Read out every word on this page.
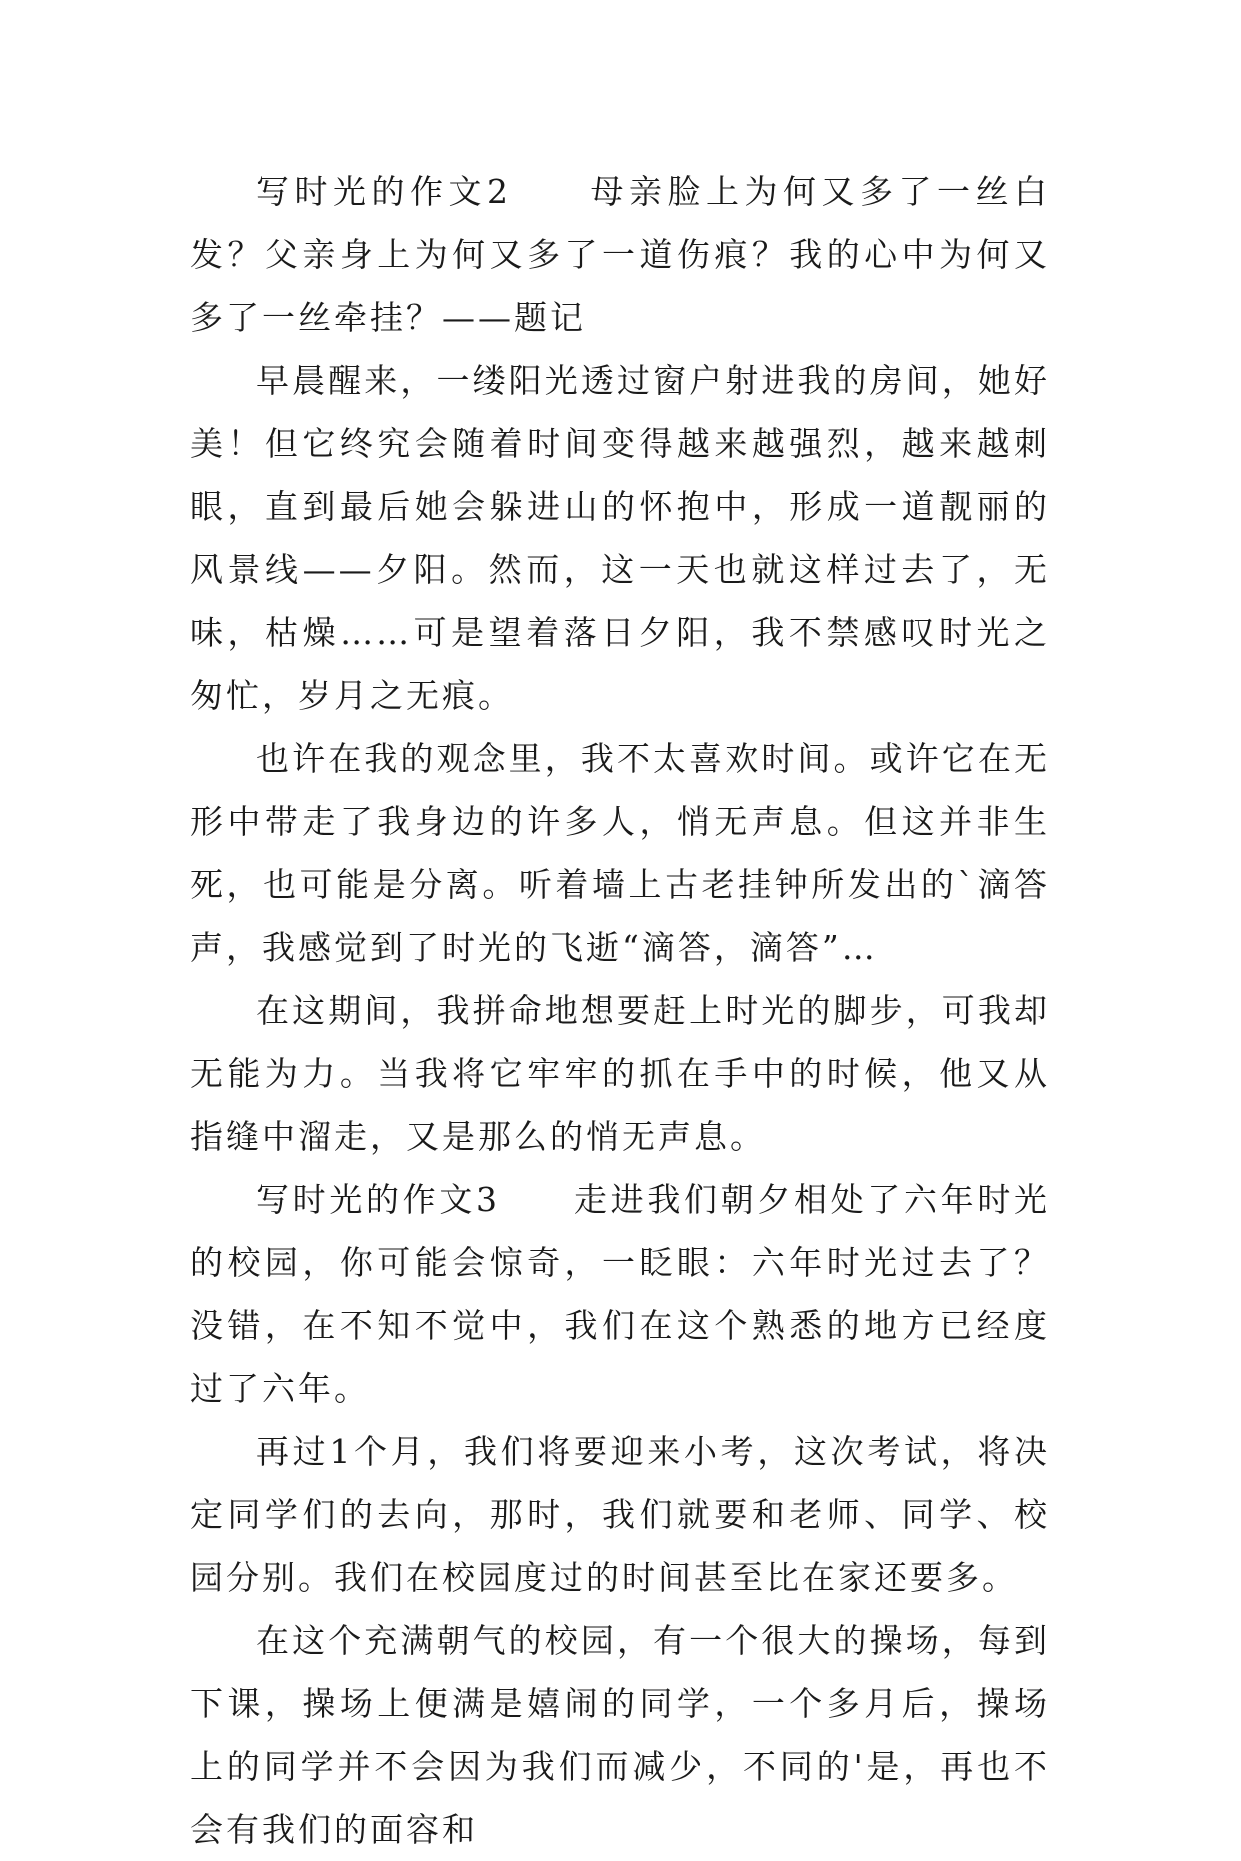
写时光的作文2　　母亲脸上为何又多了一丝白发？父亲身上为何又多了一道伤痕？我的心中为何又多了一丝牵挂？——题记

早晨醒来，一缕阳光透过窗户射进我的房间，她好美！但它终究会随着时间变得越来越强烈，越来越刺眼，直到最后她会躲进山的怀抱中，形成一道靓丽的风景线——夕阳。然而，这一天也就这样过去了，无味，枯燥……可是望着落日夕阳，我不禁感叹时光之匆忙，岁月之无痕。

也许在我的观念里，我不太喜欢时间。或许它在无形中带走了我身边的许多人，悄无声息。但这并非生死，也可能是分离。听着墙上古老挂钟所发出的`滴答声，我感觉到了时光的飞逝“滴答，滴答”…

在这期间，我拼命地想要赶上时光的脚步，可我却无能为力。当我将它牢牢的抓在手中的时候，他又从指缝中溜走，又是那么的悄无声息。

写时光的作文3　　走进我们朝夕相处了六年时光的校园，你可能会惊奇，一眨眼：六年时光过去了？没错，在不知不觉中，我们在这个熟悉的地方已经度过了六年。

再过1个月，我们将要迎来小考，这次考试，将决定同学们的去向，那时，我们就要和老师、同学、校园分别。我们在校园度过的时间甚至比在家还要多。

在这个充满朝气的校园，有一个很大的操场，每到下课，操场上便满是嬉闹的同学，一个多月后，操场上的同学并不会因为我们而减少，不同的'是，再也不会有我们的面容和
